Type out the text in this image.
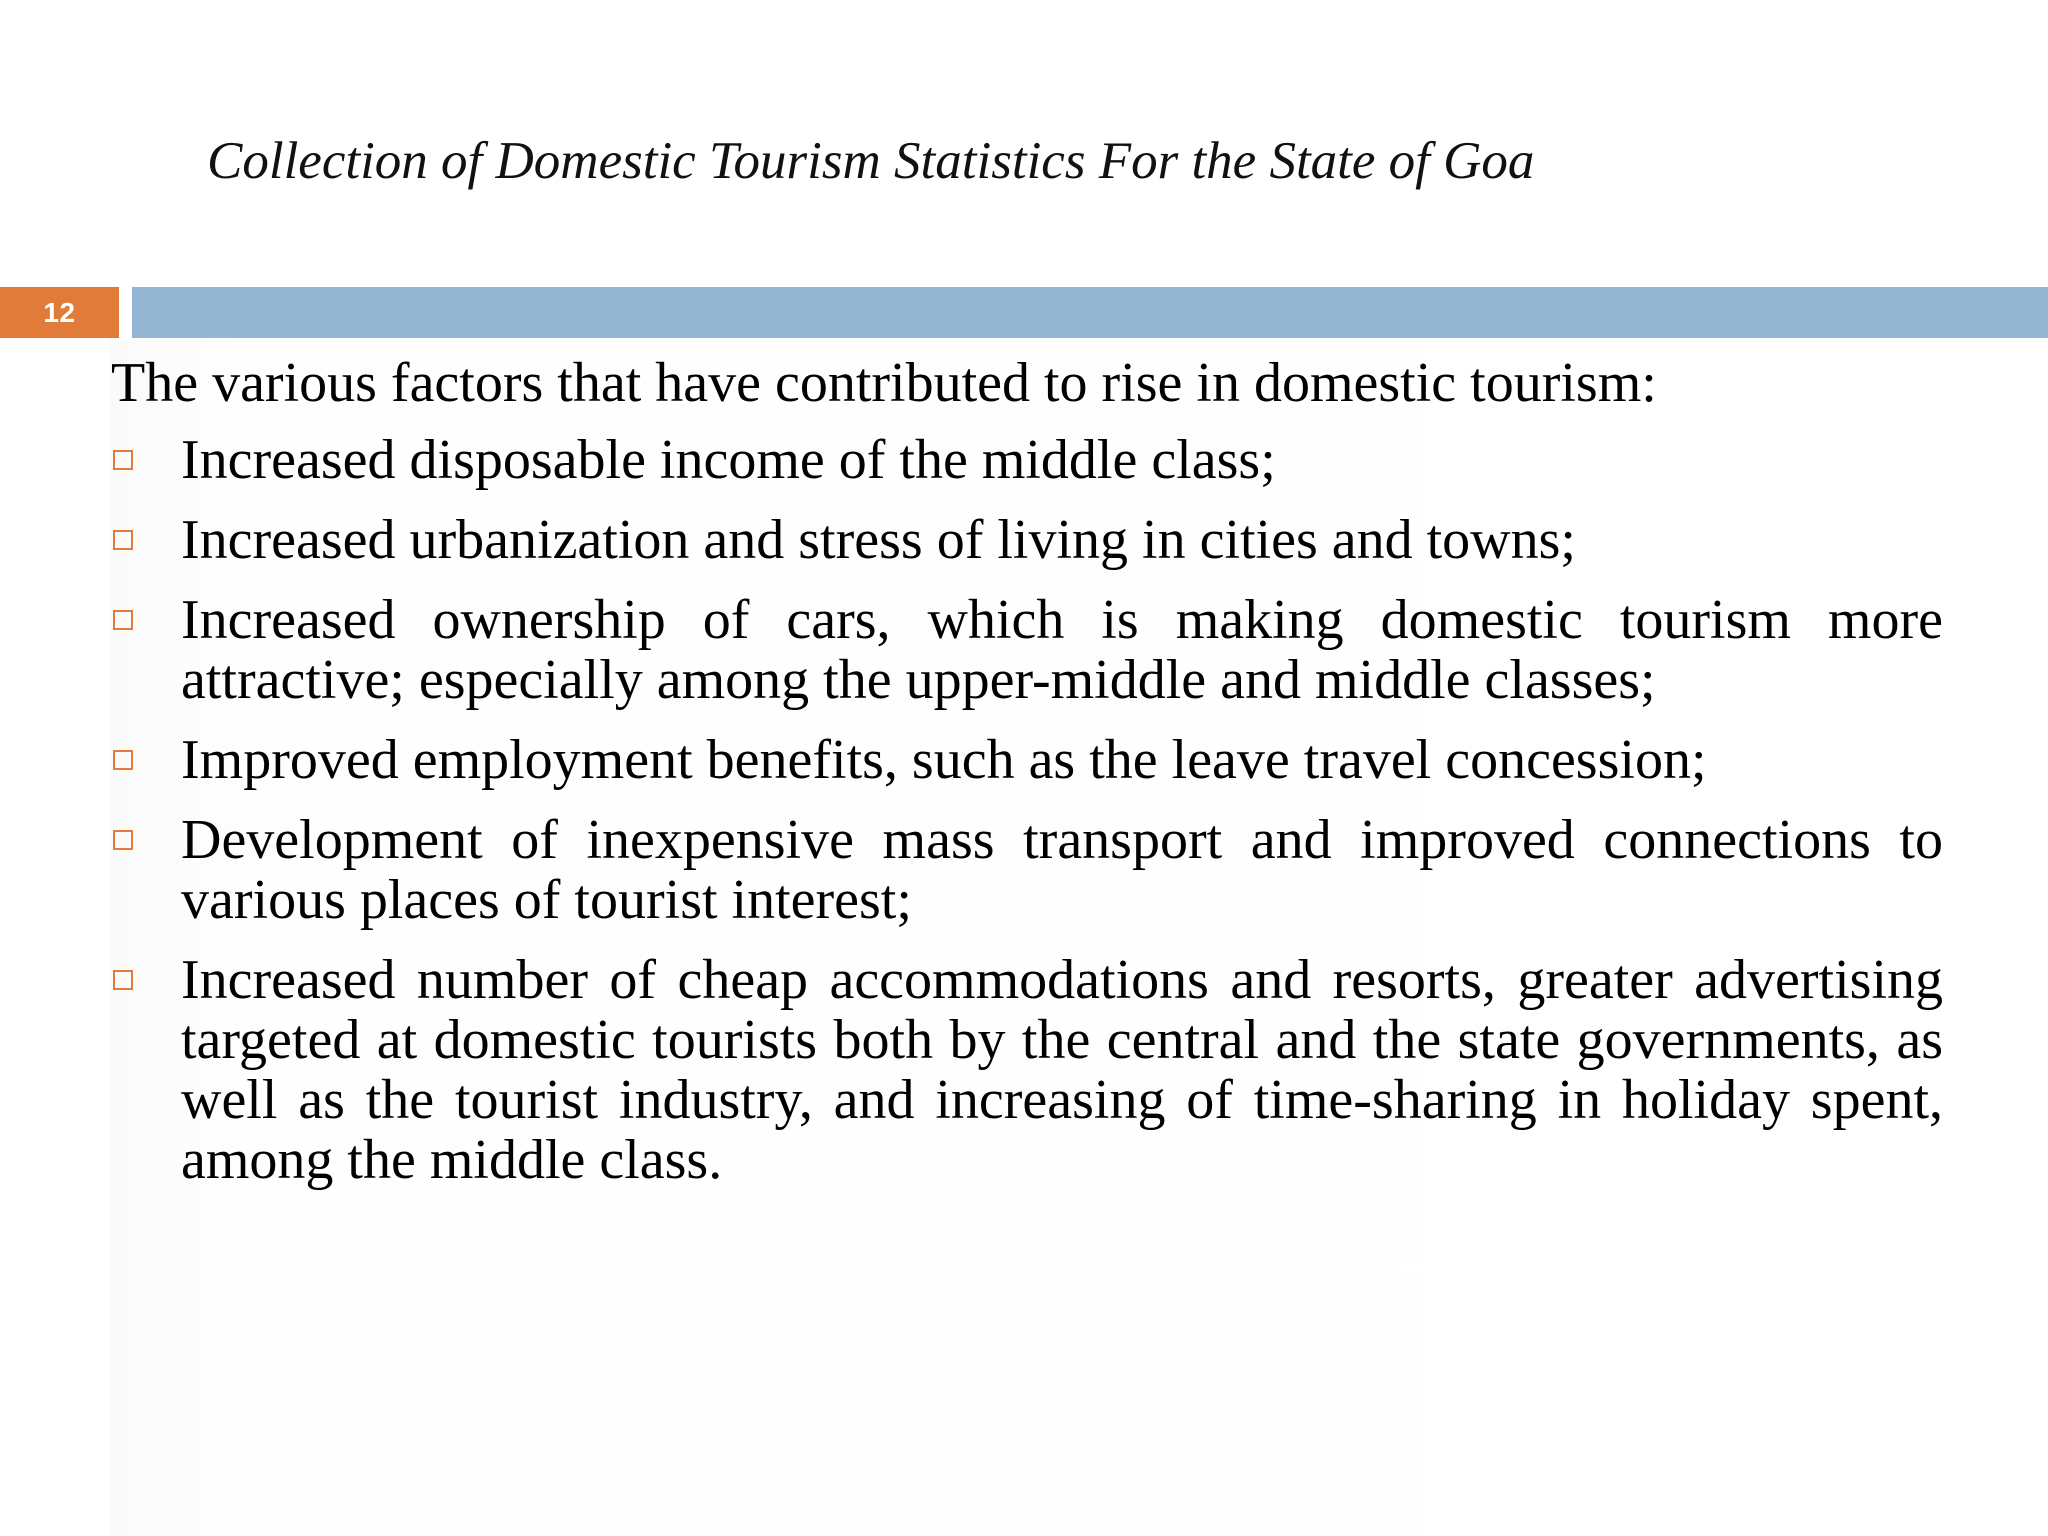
Collection of Domestic Tourism Statistics For the State of Goa
12
The various factors that have contributed to rise in domestic tourism:
Increased disposable income of the middle class;
Increased urbanization and stress of living in cities and towns;
Increased ownership of cars, which is making domestic tourism more attractive; especially among the upper-middle and middle classes;
Improved employment benefits, such as the leave travel concession;
Development of inexpensive mass transport and improved connections to various places of tourist interest;
Increased number of cheap accommodations and resorts, greater advertising targeted at domestic tourists both by the central and the state governments, as well as the tourist industry, and increasing of time-sharing in holiday spent, among the middle class.
